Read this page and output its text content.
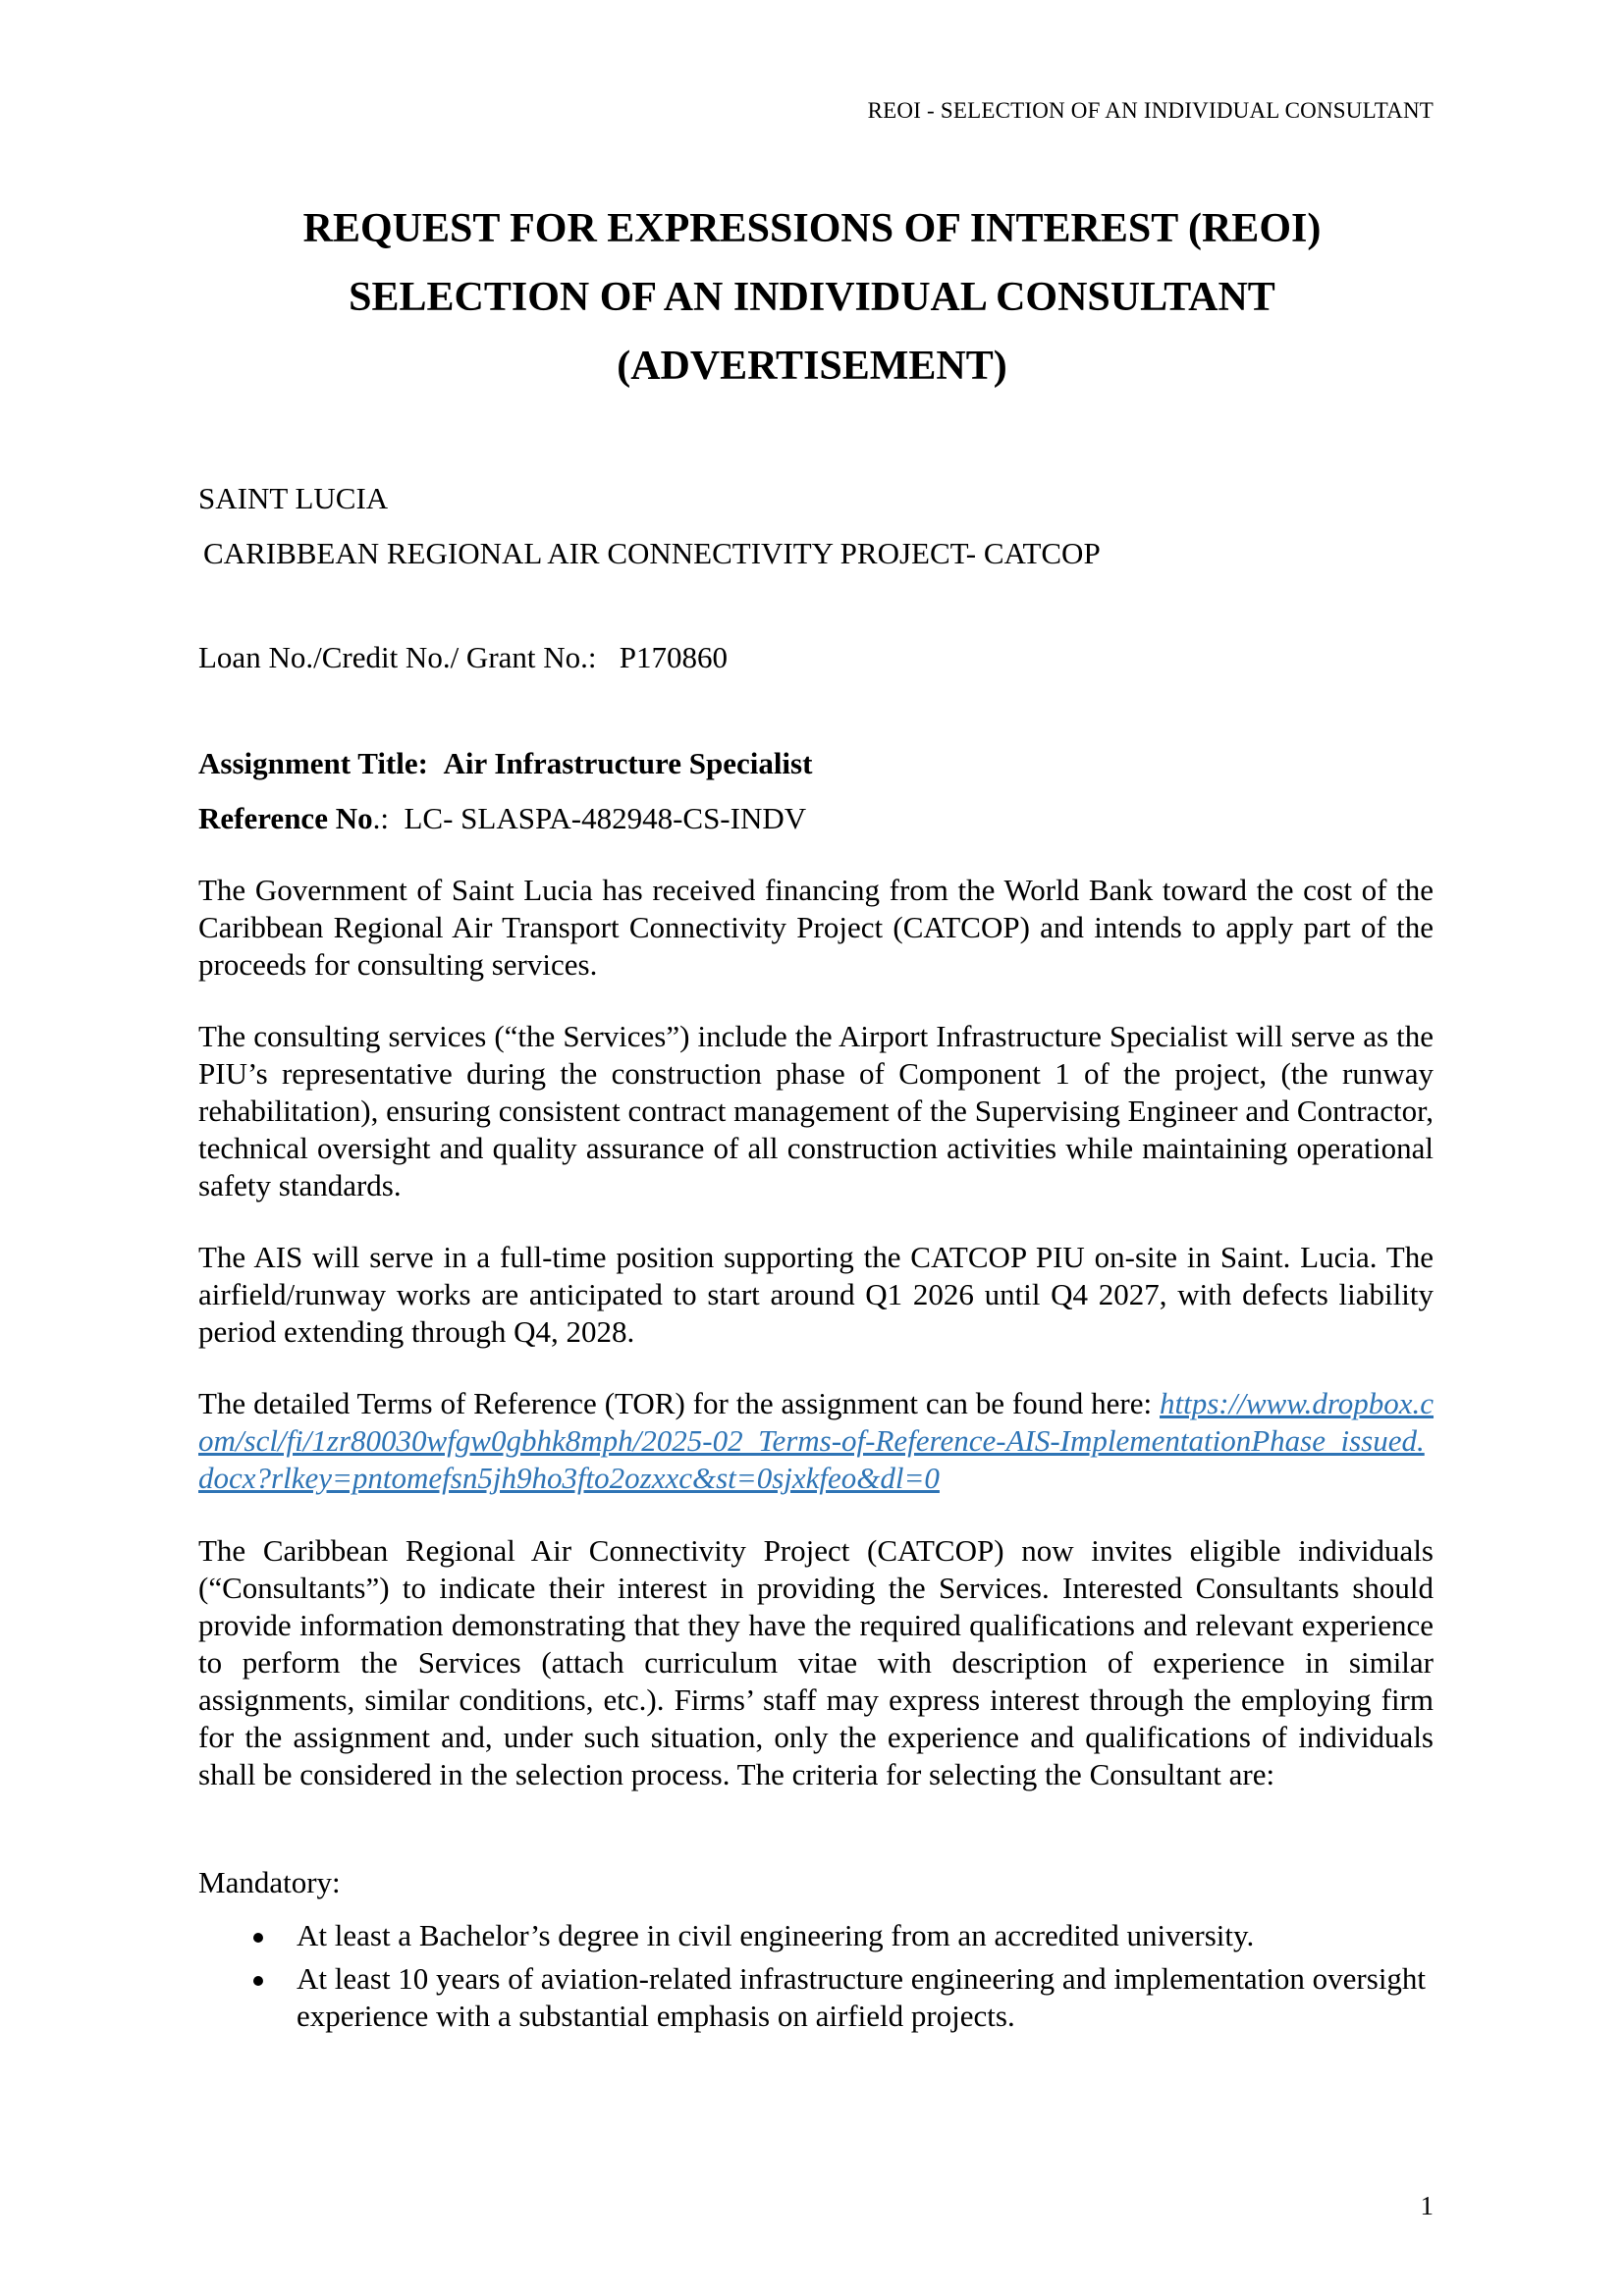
REOI - SELECTION OF AN INDIVIDUAL CONSULTANT
REQUEST FOR EXPRESSIONS OF INTEREST (REOI)
SELECTION OF AN INDIVIDUAL CONSULTANT
(ADVERTISEMENT)
SAINT LUCIA
CARIBBEAN REGIONAL AIR CONNECTIVITY PROJECT- CATCOP
Loan No./Credit No./ Grant No.: P170860
Assignment Title: Air Infrastructure Specialist
Reference No.: LC- SLASPA-482948-CS-INDV
The Government of Saint Lucia has received financing from the World Bank toward the cost of the Caribbean Regional Air Transport Connectivity Project (CATCOP) and intends to apply part of the proceeds for consulting services.
The consulting services (“the Services”) include the Airport Infrastructure Specialist will serve as the PIU’s representative during the construction phase of Component 1 of the project, (the runway rehabilitation), ensuring consistent contract management of the Supervising Engineer and Contractor, technical oversight and quality assurance of all construction activities while maintaining operational safety standards.
The AIS will serve in a full-time position supporting the CATCOP PIU on-site in Saint. Lucia. The airfield/runway works are anticipated to start around Q1 2026 until Q4 2027, with defects liability period extending through Q4, 2028.
The detailed Terms of Reference (TOR) for the assignment can be found here: https://www.dropbox.com/scl/fi/1zr80030wfgw0gbhk8mph/2025-02_Terms-of-Reference-AIS-ImplementationPhase_issued.docx?rlkey=pntomefsn5jh9ho3fto2ozxxc&st=0sjxkfeo&dl=0
The Caribbean Regional Air Connectivity Project (CATCOP) now invites eligible individuals (“Consultants”) to indicate their interest in providing the Services. Interested Consultants should provide information demonstrating that they have the required qualifications and relevant experience to perform the Services (attach curriculum vitae with description of experience in similar assignments, similar conditions, etc.). Firms’ staff may express interest through the employing firm for the assignment and, under such situation, only the experience and qualifications of individuals shall be considered in the selection process. The criteria for selecting the Consultant are:
Mandatory:
At least a Bachelor’s degree in civil engineering from an accredited university.
At least 10 years of aviation-related infrastructure engineering and implementation oversight experience with a substantial emphasis on airfield projects.
1
